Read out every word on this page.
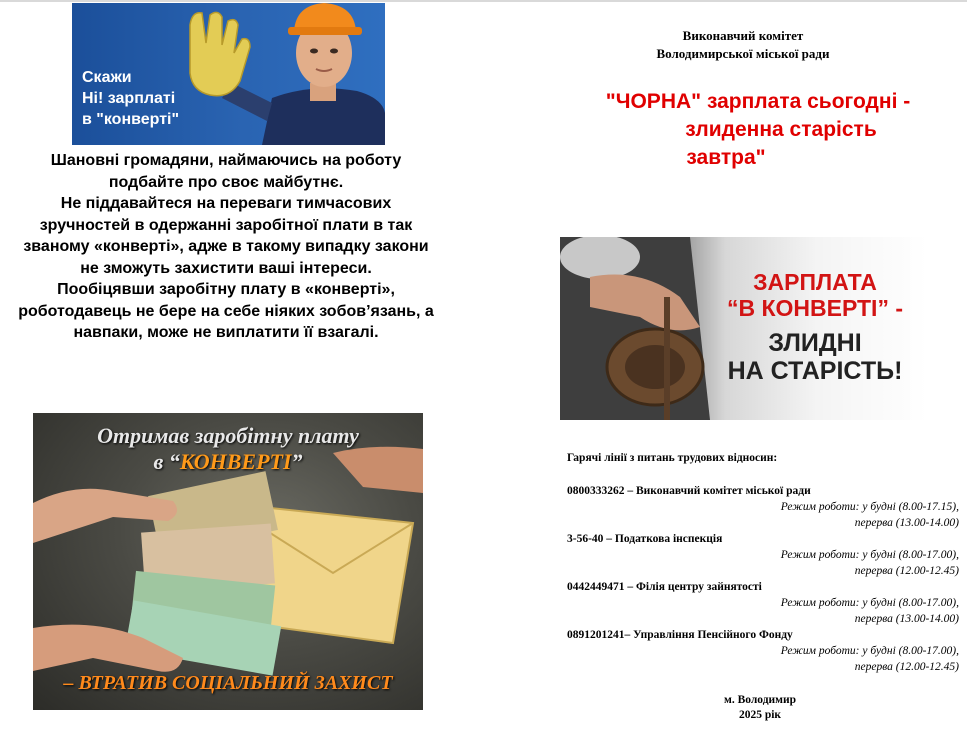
Скажи
Ні! зарплаті
в "конверті"

Шановні громадяни, наймаючись на роботу подбайте про своє майбутнє.

Не піддавайтеся на переваги тимчасових зручностей в одержанні заробітної плати в так званому «конверті», адже в такому випадку закони не зможуть захистити ваші інтереси.

Пообіцявши заробітну плату в «конверті», роботодавець не бере на себе ніяких зобов’язань, а навпаки, може не виплатити її взагалі.

Отримав заробітну плату
в “КОНВЕРТІ”
– ВТРАТИВ СОЦІАЛЬНИЙ ЗАХИСТ
Виконавчий комітет
Володимирської міської ради
"ЧОРНА" зарплата сьогодні -
злиденна старість
завтра"
ЗАРПЛАТА
“В КОНВЕРТІ” -
ЗЛИДНІ
НА СТАРІСТЬ!
Гарячі лінії з питань трудових відносин:
0800333262 – Виконавчий комітет міської ради
Режим роботи: у будні (8.00-17.15),
перерва (13.00-14.00)
3-56-40 – Податкова інспекція
Режим роботи: у будні (8.00-17.00),
перерва (12.00-12.45)
0442449471 – Філія центру зайнятості
Режим роботи: у будні (8.00-17.00),
перерва (13.00-14.00)
0891201241– Управління Пенсійного Фонду
Режим роботи: у будні (8.00-17.00),
перерва (12.00-12.45)
м. Володимир
2025 рік
